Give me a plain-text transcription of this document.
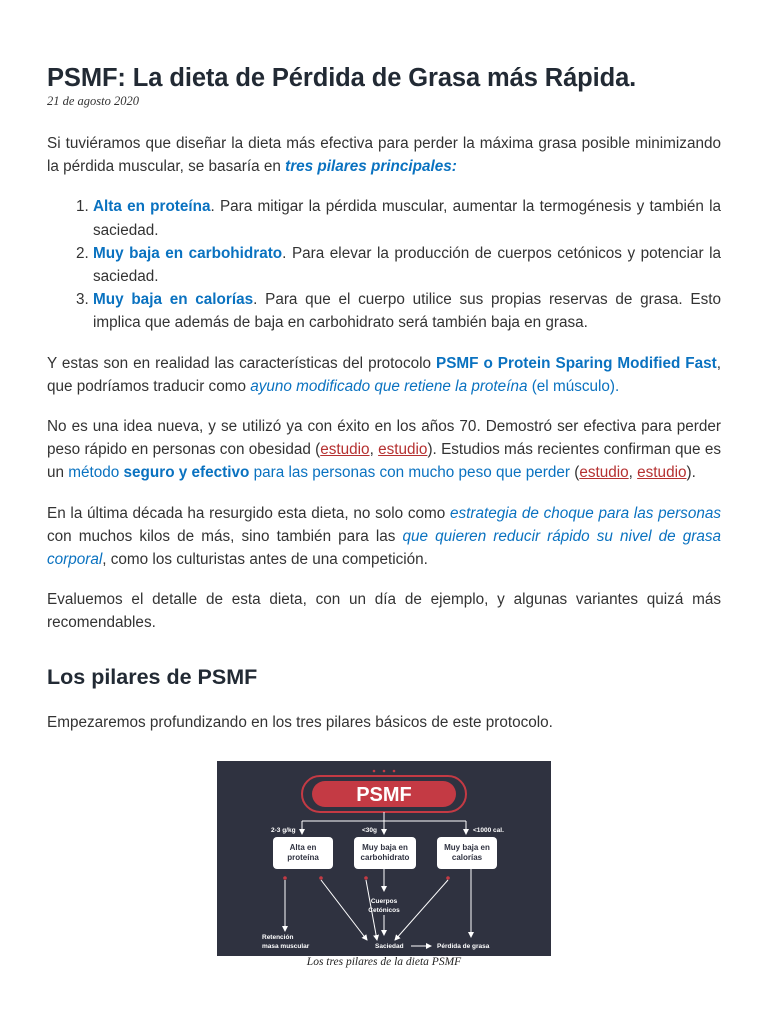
PSMF: La dieta de Pérdida de Grasa más Rápida.
21 de agosto 2020

Si tuviéramos que diseñar la dieta más efectiva para perder la máxima grasa posible minimizando la pérdida muscular, se basaría en tres pilares principales:

1. Alta en proteína. Para mitigar la pérdida muscular, aumentar la termogénesis y también la saciedad.
2. Muy baja en carbohidrato. Para elevar la producción de cuerpos cetónicos y potenciar la saciedad.
3. Muy baja en calorías. Para que el cuerpo utilice sus propias reservas de grasa. Esto implica que además de baja en carbohidrato será también baja en grasa.

Y estas son en realidad las características del protocolo PSMF o Protein Sparing Modified Fast, que podríamos traducir como ayuno modificado que retiene la proteína (el músculo).

No es una idea nueva, y se utilizó ya con éxito en los años 70. Demostró ser efectiva para perder peso rápido en personas con obesidad (estudio, estudio). Estudios más recientes confirman que es un método seguro y efectivo para las personas con mucho peso que perder (estudio, estudio).

En la última década ha resurgido esta dieta, no solo como estrategia de choque para las personas con muchos kilos de más, sino también para las que quieren reducir rápido su nivel de grasa corporal, como los culturistas antes de una competición.

Evaluemos el detalle de esta dieta, con un día de ejemplo, y algunas variantes quizá más recomendables.

Los pilares de PSMF

Empezaremos profundizando en los tres pilares básicos de este protocolo.

PSMF
2-3 g/kg	<30g	<1000 cal.
Alta en
proteína
Muy baja en
carbohidrato
Muy baja en
calorías
Cuerpos
Cetónicos
Retención
masa muscular	Saciedad	Pérdida de grasa
Los tres pilares de la dieta PSMF
